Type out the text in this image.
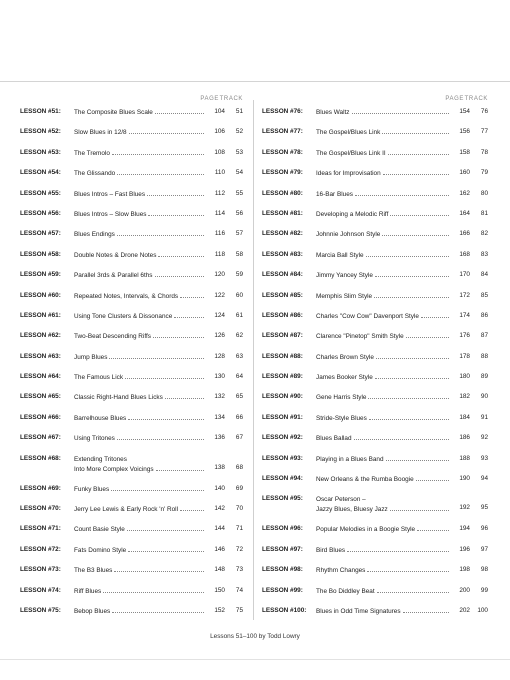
PAGE TRACK
LESSON #51: The Composite Blues Scale	104	51
LESSON #52: Slow Blues in 12/8	106	52
LESSON #53: The Tremolo	108	53
LESSON #54: The Glissando	110	54
LESSON #55: Blues Intros – Fast Blues	112	55
LESSON #56: Blues Intros – Slow Blues	114	56
LESSON #57: Blues Endings	116	57
LESSON #58: Double Notes & Drone Notes	118	58
LESSON #59: Parallel 3rds & Parallel 6ths	120	59
LESSON #60: Repeated Notes, Intervals, & Chords	122	60
LESSON #61: Using Tone Clusters & Dissonance	124	61
LESSON #62: Two-Beat Descending Riffs	126	62
LESSON #63: Jump Blues	128	63
LESSON #64: The Famous Lick	130	64
LESSON #65: Classic Right-Hand Blues Licks	132	65
LESSON #66: Barrelhouse Blues	134	66
LESSON #67: Using Tritones	136	67
LESSON #68: Extending Tritones
Into More Complex Voicings	138	68
LESSON #69: Funky Blues	140	69
LESSON #70: Jerry Lee Lewis & Early Rock 'n' Roll	142	70
LESSON #71: Count Basie Style	144	71
LESSON #72: Fats Domino Style	146	72
LESSON #73: The B3 Blues	148	73
LESSON #74: Riff Blues	150	74
LESSON #75: Bebop Blues	152	75
PAGE TRACK
LESSON #76: Blues Waltz	154	76
LESSON #77: The Gospel/Blues Link	156	77
LESSON #78: The Gospel/Blues Link II	158	78
LESSON #79: Ideas for Improvisation	160	79
LESSON #80: 16-Bar Blues	162	80
LESSON #81: Developing a Melodic Riff	164	81
LESSON #82: Johnnie Johnson Style	166	82
LESSON #83: Marcia Ball Style	168	83
LESSON #84: Jimmy Yancey Style	170	84
LESSON #85: Memphis Slim Style	172	85
LESSON #86: Charles "Cow Cow" Davenport Style	174	86
LESSON #87: Clarence "Pinetop" Smith Style	176	87
LESSON #88: Charles Brown Style	178	88
LESSON #89: James Booker Style	180	89
LESSON #90: Gene Harris Style	182	90
LESSON #91: Stride-Style Blues	184	91
LESSON #92: Blues Ballad	186	92
LESSON #93: Playing in a Blues Band	188	93
LESSON #94: New Orleans & the Rumba Boogie	190	94
LESSON #95: Oscar Peterson –
Jazzy Blues, Bluesy Jazz	192	95
LESSON #96: Popular Melodies in a Boogie Style	194	96
LESSON #97: Bird Blues	196	97
LESSON #98: Rhythm Changes	198	98
LESSON #99: The Bo Diddley Beat	200	99
LESSON #100: Blues in Odd Time Signatures	202	100
Lessons 51–100 by Todd Lowry
